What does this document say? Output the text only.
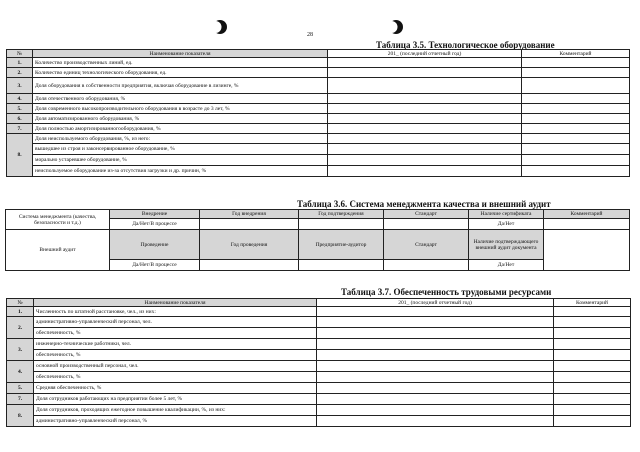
28
Таблица 3.5. Технологическое оборудование
№	Наименование показателя	201_ (последний отчетный год)	Комментарий
1.	Количество производственных линий, ед.		
2.	Количество единиц технологического оборудования, ед.		
3.	Доля оборудования в собственности предприятия, включая оборудование в лизинге, %		
4.	Доля отечественного оборудования, %		
5.	Доля современного высокопроизводительного оборудования в возрасте до 3 лет, %		
6.	Доля автоматизированного оборудования, %		
7.	Доля полностью амортизированногооборудования, %		
8.	Доля неиспользуемого оборудования, %, из него:		
	вышедшее из строя и законсервированное оборудование, %		
	морально устаревшее оборудование, %		
	неиспользуемое оборудование из-за отсутствия загрузки и др. причин, %		
Таблица 3.6. Система менеджмента качества и внешний аудит
Система менеджмента (качества, безопасности и т.д.)	Внедрение	Год внедрения	Год подтверждения	Стандарт	Наличие сертификата	Комментарий
	Да/Нет/В процессе				Да/Нет	
Внешний аудит	Проведение	Год проведения	Предприятие-аудитор	Стандарт	Наличие подтверждающего внешний аудит документа	
	Да/Нет/В процессе				Да/Нет	
Таблица 3.7. Обеспеченность трудовыми ресурсами
№	Наименование показателя	201_ (последний отчетный год)	Комментарий
1.	Численность по штатной расстановке, чел., из них:		
2.	административно-управленческий персонал, чел.		
	обеспеченность, %		
3.	инженерно-технические работники, чел.		
	обеспеченность, %		
4.	основной производственный персонал, чел.		
	обеспеченность, %		
5.	Средняя обеспеченность, %		
7.	Доля сотрудников работающих на предприятии более 5 лет, %		
8.	Доля сотрудников, проходящих ежегодное повышение квалификации, %, из них:		
	административно-управленческий персонал, %		
